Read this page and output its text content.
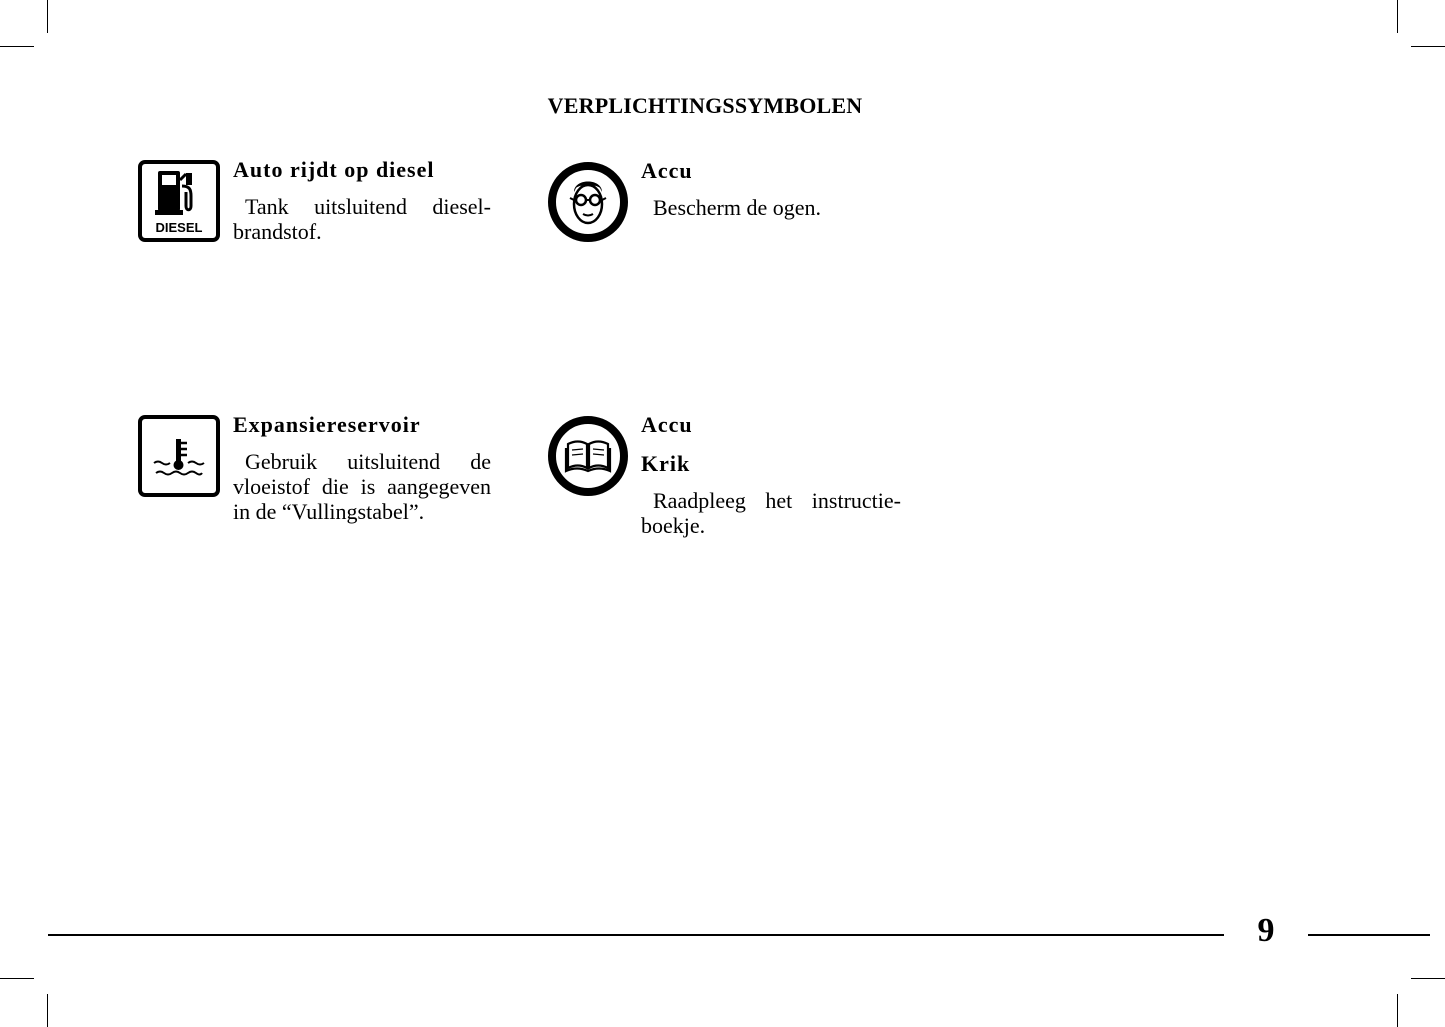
VERPLICHTINGSSYMBOLEN
DIESEL

Auto rijdt op diesel

Tank uitsluitend diesel-brandstof.

Accu

Bescherm de ogen.

Expansiereservoir

Gebruik uitsluitend de vloeistof die is aangegeven in de “Vullingstabel”.

Accu

Krik

Raadpleeg het instructie-boekje.

9
